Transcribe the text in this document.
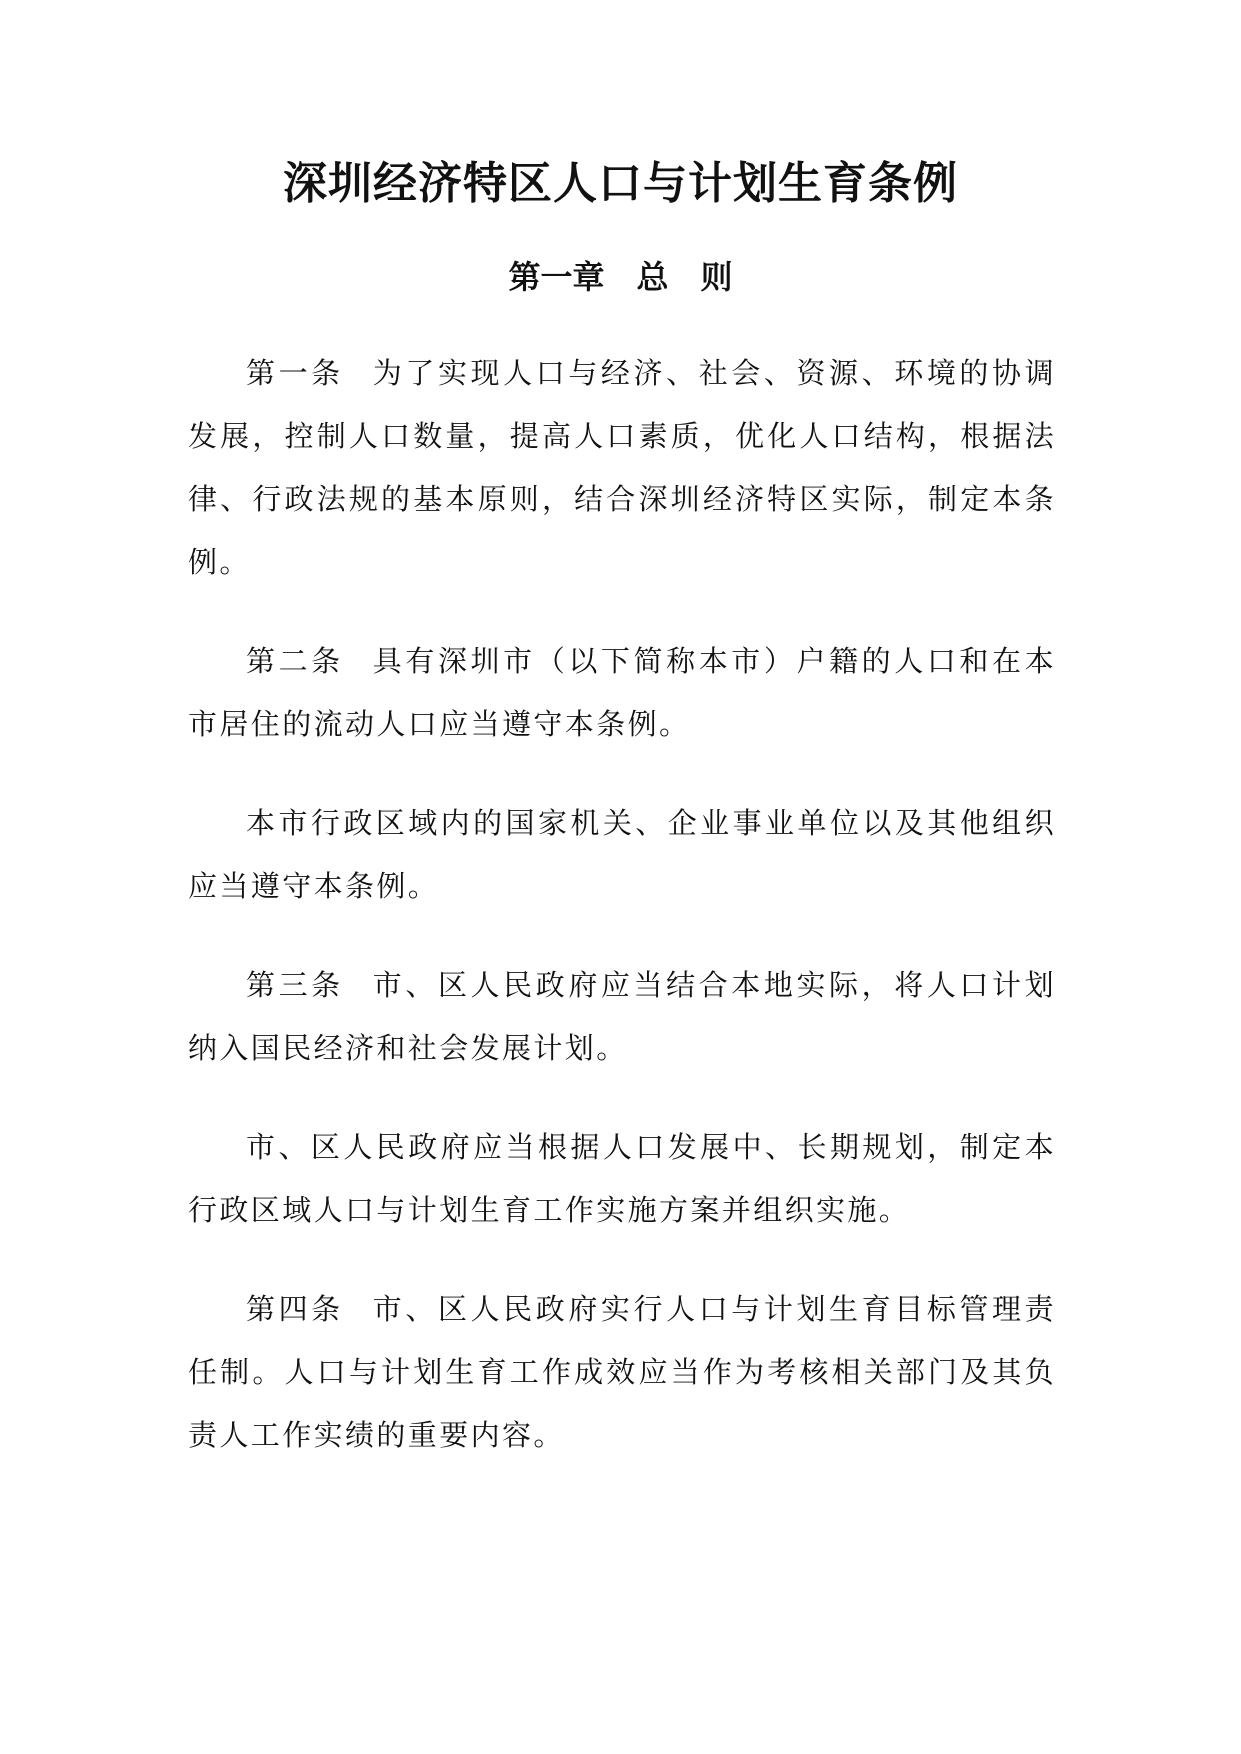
深圳经济特区人口与计划生育条例
第一章　总　则

第一条 为了实现人口与经济、社会、资源、环境的协调发展，控制人口数量，提高人口素质，优化人口结构，根据法律、行政法规的基本原则，结合深圳经济特区实际，制定本条例。

第二条 具有深圳市（以下简称本市）户籍的人口和在本市居住的流动人口应当遵守本条例。

本市行政区域内的国家机关、企业事业单位以及其他组织应当遵守本条例。

第三条 市、区人民政府应当结合本地实际，将人口计划纳入国民经济和社会发展计划。

市、区人民政府应当根据人口发展中、长期规划，制定本行政区域人口与计划生育工作实施方案并组织实施。

第四条 市、区人民政府实行人口与计划生育目标管理责任制。人口与计划生育工作成效应当作为考核相关部门及其负责人工作实绩的重要内容。
